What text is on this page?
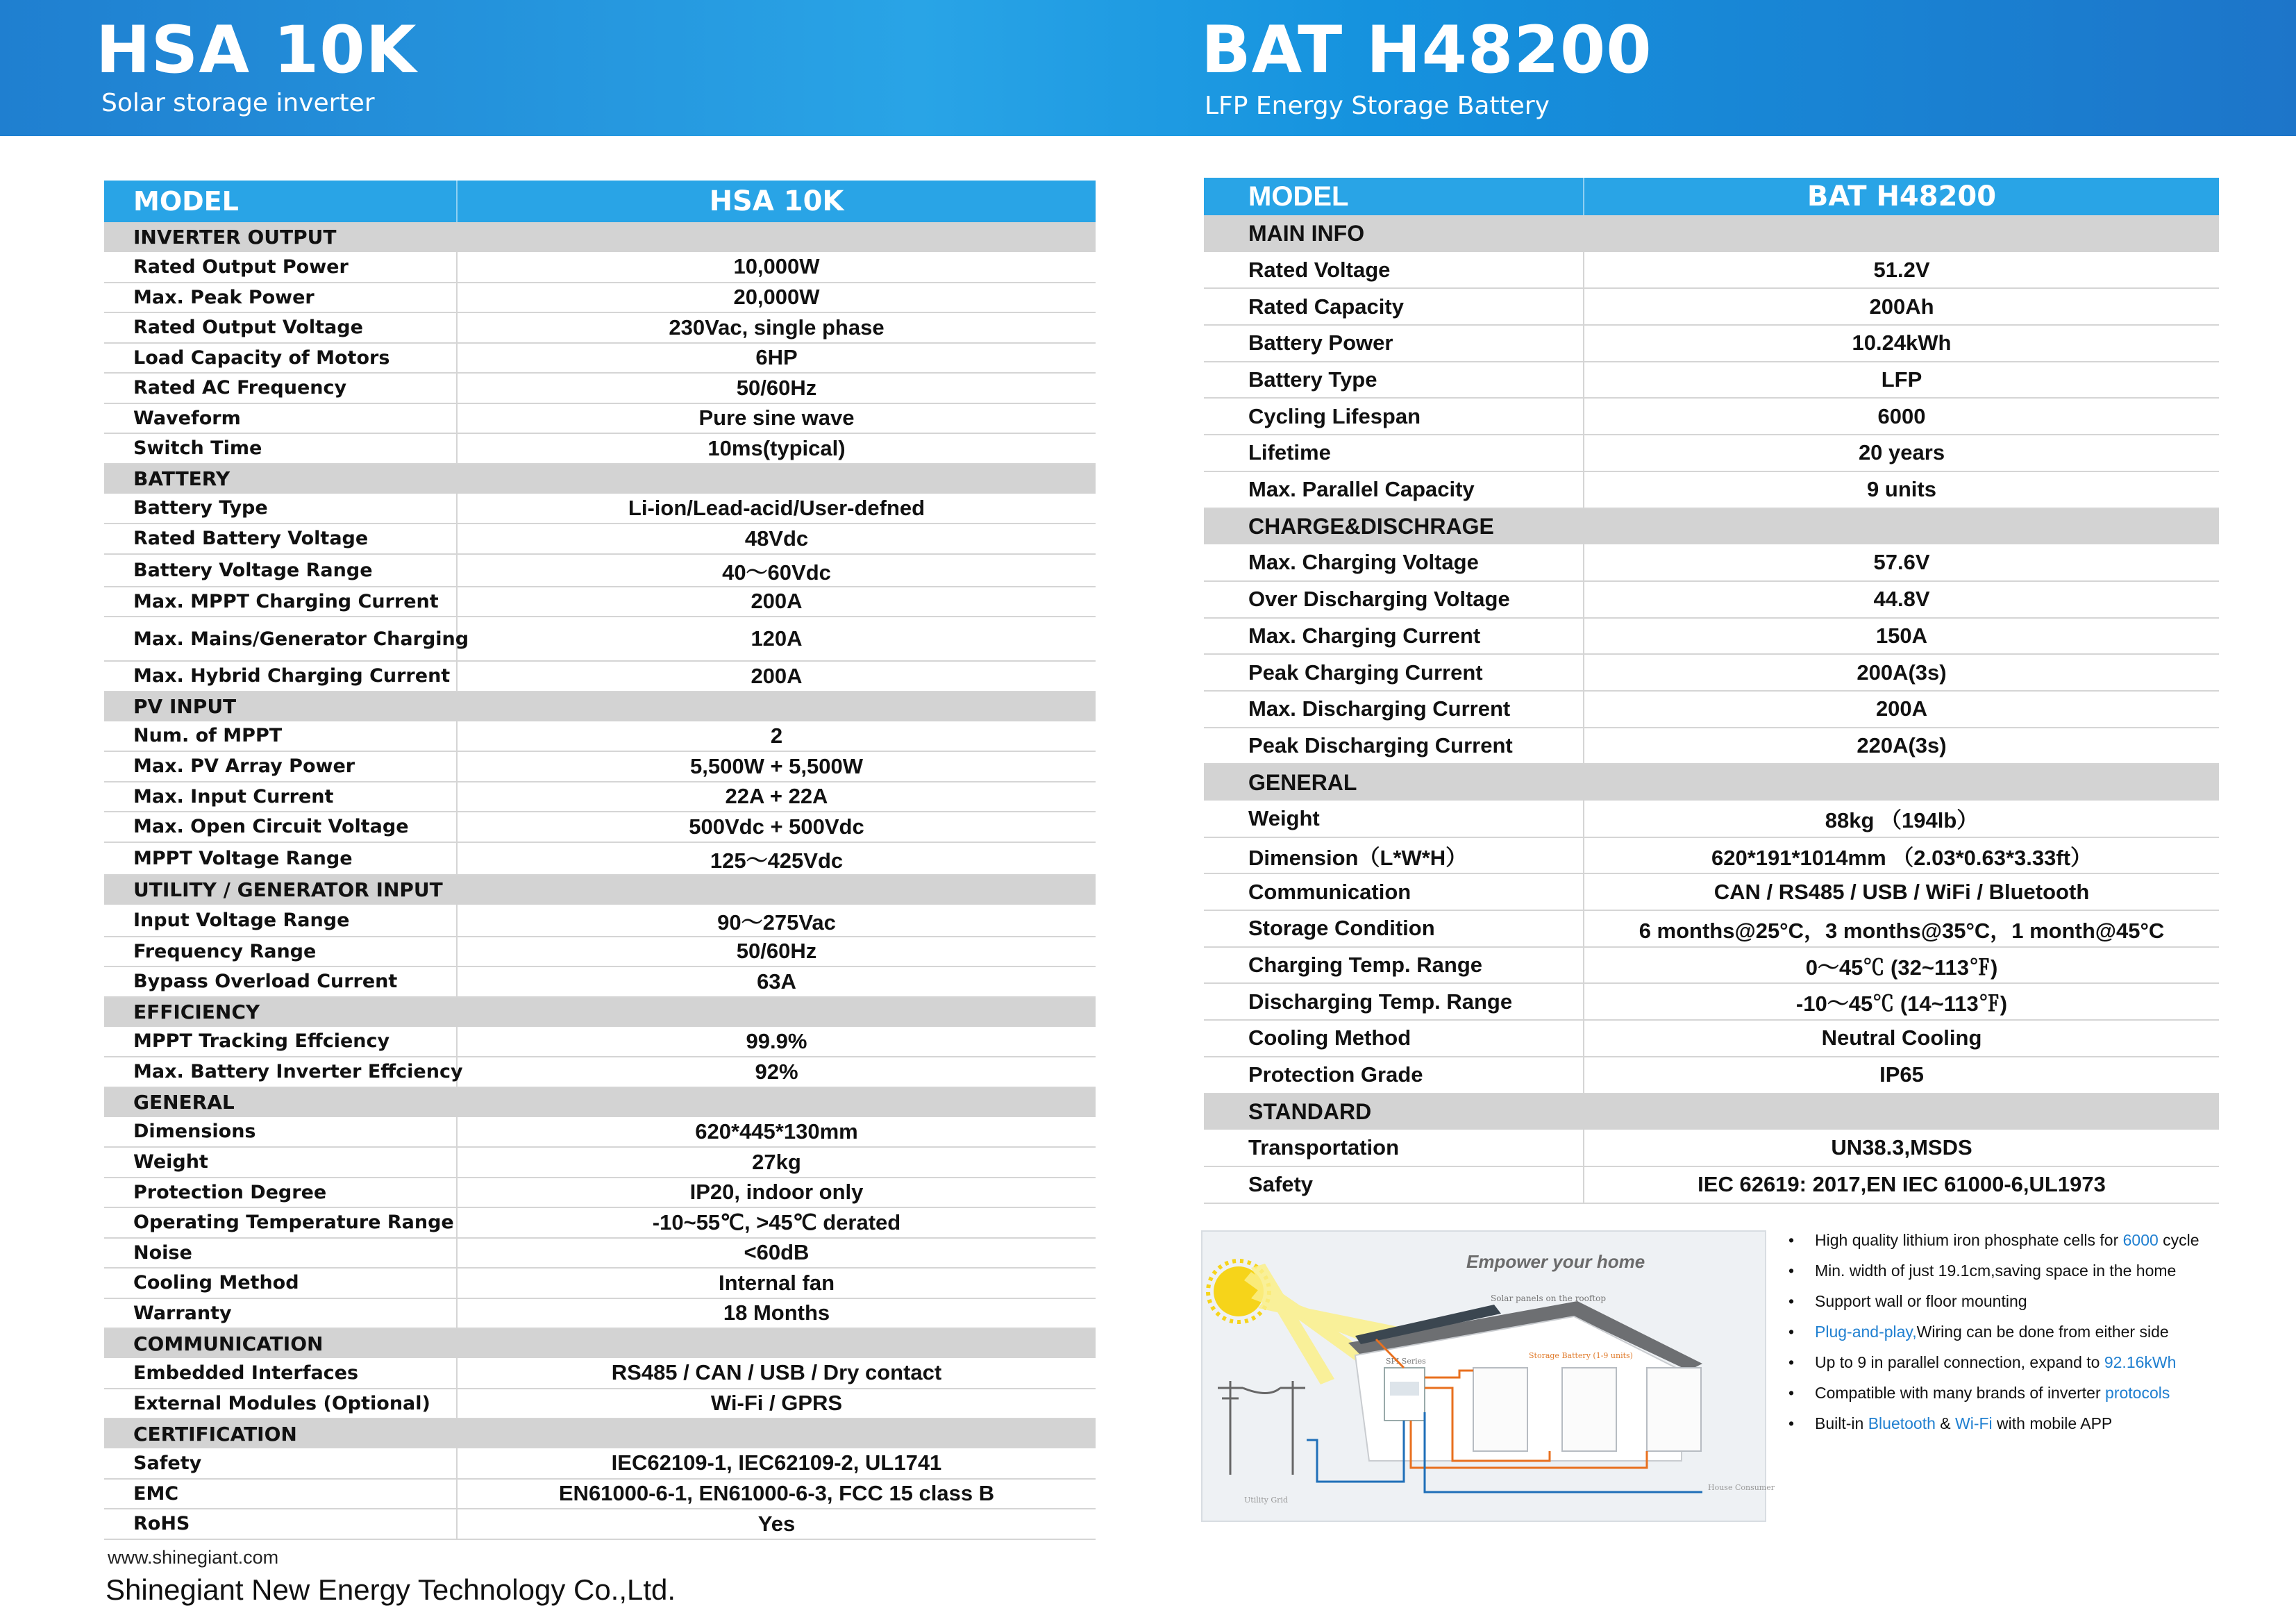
HSA 10K
Solar storage inverter
BAT H48200
LFP Energy Storage Battery
MODEL	HSA 10K
INVERTER OUTPUT	
Rated Output Power	10,000W
Max. Peak Power	20,000W
Rated Output Voltage	230Vac, single phase
Load Capacity of Motors	6HP
Rated AC Frequency	50/60Hz
Waveform	Pure sine wave
Switch Time	10ms(typical)
BATTERY	
Battery Type	Li-ion/Lead-acid/User-defned
Rated Battery Voltage	48Vdc
Battery Voltage Range	40～60Vdc
Max. MPPT Charging Current	200A
Max. Mains/Generator Charging	120A
Max. Hybrid Charging Current	200A
PV INPUT	
Num. of MPPT	2
Max. PV Array Power	5,500W + 5,500W
Max. Input Current	22A + 22A
Max. Open Circuit Voltage	500Vdc + 500Vdc
MPPT Voltage Range	125～425Vdc
UTILITY / GENERATOR INPUT	
Input Voltage Range	90～275Vac
Frequency Range	50/60Hz
Bypass Overload Current	63A
EFFICIENCY	
MPPT Tracking Effciency	99.9%
Max. Battery Inverter Effciency	92%
GENERAL	
Dimensions	620*445*130mm
Weight	27kg
Protection Degree	IP20, indoor only
Operating Temperature Range	-10~55℃, >45℃ derated
Noise	<60dB
Cooling Method	Internal fan
Warranty	18 Months
COMMUNICATION	
Embedded Interfaces	RS485 / CAN / USB / Dry contact
External Modules (Optional)	Wi-Fi / GPRS
CERTIFICATION	
Safety	IEC62109-1, IEC62109-2, UL1741
EMC	EN61000-6-1, EN61000-6-3, FCC 15 class B
RoHS	Yes
MODEL	BAT H48200
MAIN INFO	
Rated Voltage	51.2V
Rated Capacity	200Ah
Battery Power	10.24kWh
Battery Type	LFP
Cycling Lifespan	6000
Lifetime	20 years
Max. Parallel Capacity	9 units
CHARGE&DISCHRAGE	
Max. Charging Voltage	57.6V
Over Discharging Voltage	44.8V
Max. Charging Current	150A
Peak Charging Current	200A(3s)
Max. Discharging Current	200A
Peak Discharging Current	220A(3s)
GENERAL	
Weight	88kg （194lb）
Dimension（L*W*H）	620*191*1014mm （2.03*0.63*3.33ft）
Communication	CAN / RS485 / USB / WiFi / Bluetooth
Storage Condition	6 months@25°C，3 months@35°C，1 month@45°C
Charging Temp. Range	0～45℃ (32~113℉)
Discharging Temp. Range	-10～45℃ (14~113℉)
Cooling Method	Neutral Cooling
Protection Grade	IP65
STANDARD	
Transportation	UN38.3,MSDS
Safety	IEC 62619: 2017,EN IEC 61000-6,UL1973
Empower your home
Solar panels on the rooftop
Utility Grid
SPI Series
Storage Battery (1-9 units)
House Consumer
• High quality lithium iron phosphate cells for 6000 cycle
• Min. width of just 19.1cm,saving space in the home
• Support wall or floor mounting
• Plug-and-play,Wiring can be done from either side
• Up to 9 in parallel connection, expand to 92.16kWh
• Compatible with many brands of inverter protocols
• Built-in Bluetooth & Wi-Fi with mobile APP
www.shinegiant.com
Shinegiant New Energy Technology Co.,Ltd.
